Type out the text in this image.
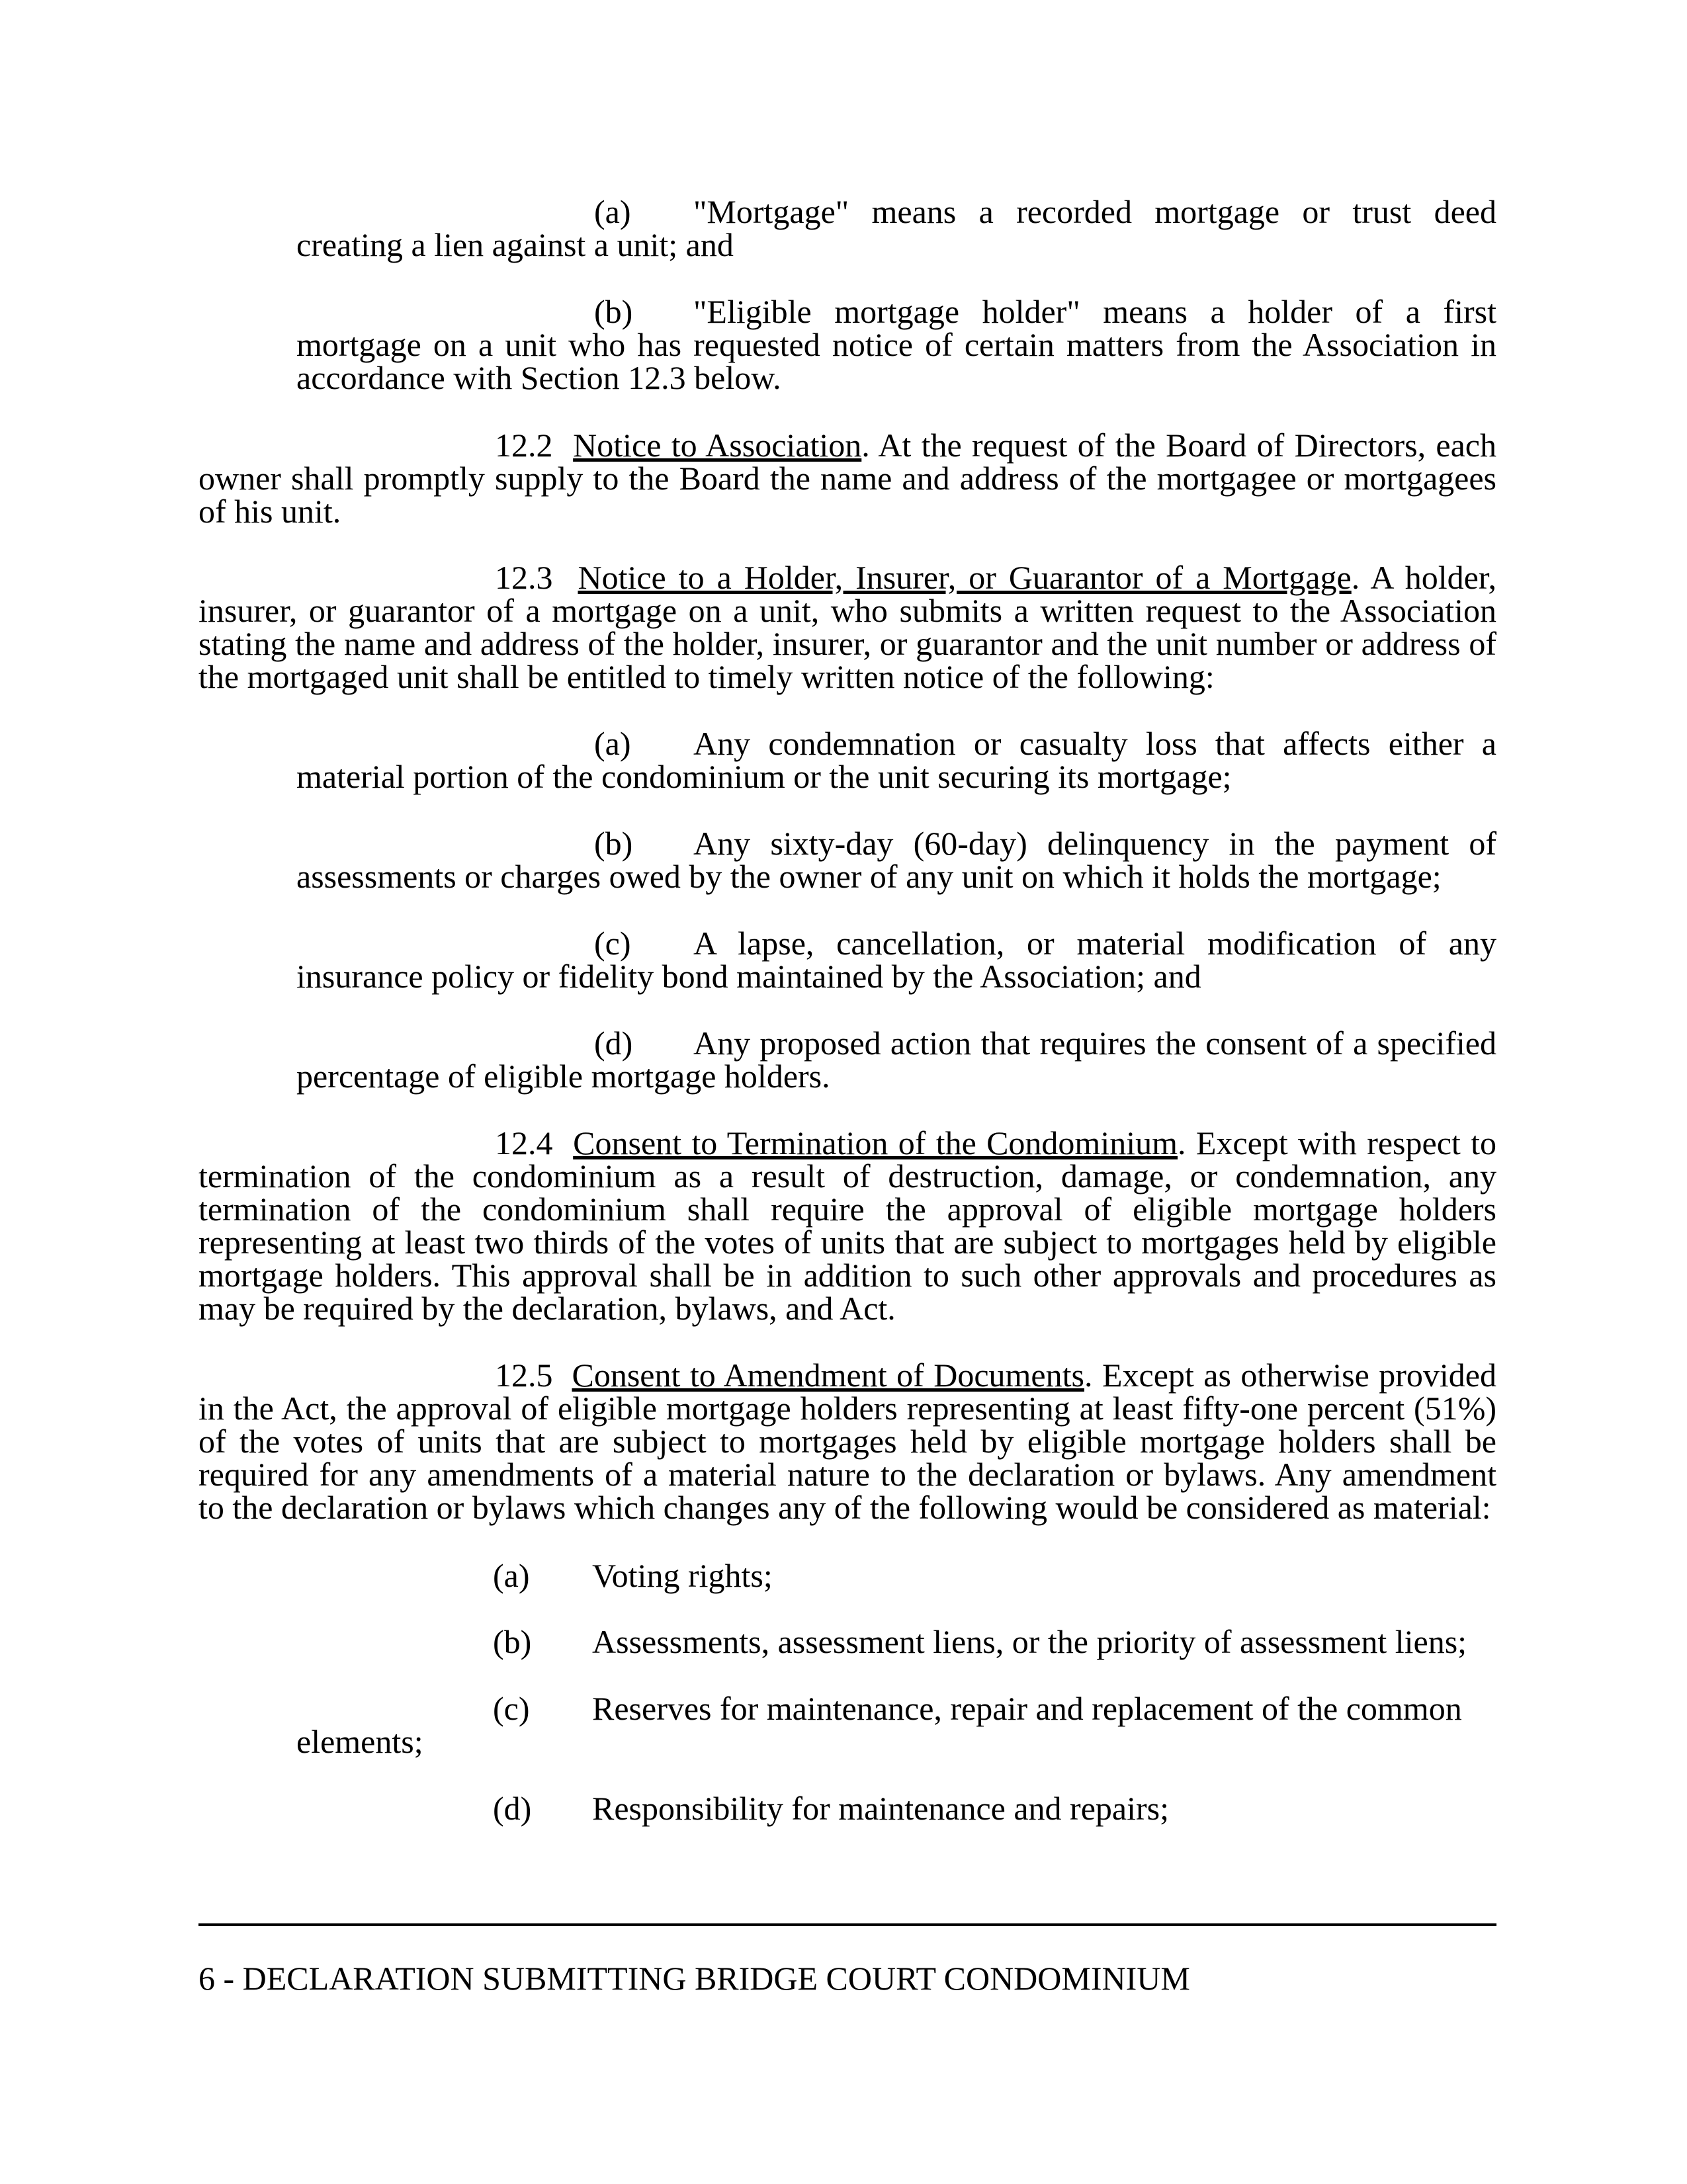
(a) "Mortgage" means a recorded mortgage or trust deed creating a lien against a unit; and

(b) "Eligible mortgage holder" means a holder of a first mortgage on a unit who has requested notice of certain matters from the Association in accordance with Section 12.3 below.

12.2 Notice to Association. At the request of the Board of Directors, each owner shall promptly supply to the Board the name and address of the mortgagee or mortgagees of his unit.

12.3 Notice to a Holder, Insurer, or Guarantor of a Mortgage. A holder, insurer, or guarantor of a mortgage on a unit, who submits a written request to the Association stating the name and address of the holder, insurer, or guarantor and the unit number or address of the mortgaged unit shall be entitled to timely written notice of the following:

(a) Any condemnation or casualty loss that affects either a material portion of the condominium or the unit securing its mortgage;

(b) Any sixty-day (60-day) delinquency in the payment of assessments or charges owed by the owner of any unit on which it holds the mortgage;

(c) A lapse, cancellation, or material modification of any insurance policy or fidelity bond maintained by the Association; and

(d) Any proposed action that requires the consent of a specified percentage of eligible mortgage holders.

12.4 Consent to Termination of the Condominium. Except with respect to termination of the condominium as a result of destruction, damage, or condemnation, any termination of the condominium shall require the approval of eligible mortgage holders representing at least two thirds of the votes of units that are subject to mortgages held by eligible mortgage holders. This approval shall be in addition to such other approvals and procedures as may be required by the declaration, bylaws, and Act.

12.5 Consent to Amendment of Documents. Except as otherwise provided in the Act, the approval of eligible mortgage holders representing at least fifty-one percent (51%) of the votes of units that are subject to mortgages held by eligible mortgage holders shall be required for any amendments of a material nature to the declaration or bylaws. Any amendment to the declaration or bylaws which changes any of the following would be considered as material:

(a) Voting rights;

(b) Assessments, assessment liens, or the priority of assessment liens;

(c) Reserves for maintenance, repair and replacement of the common

elements;

(d) Responsibility for maintenance and repairs;

6 - DECLARATION SUBMITTING BRIDGE COURT CONDOMINIUM
